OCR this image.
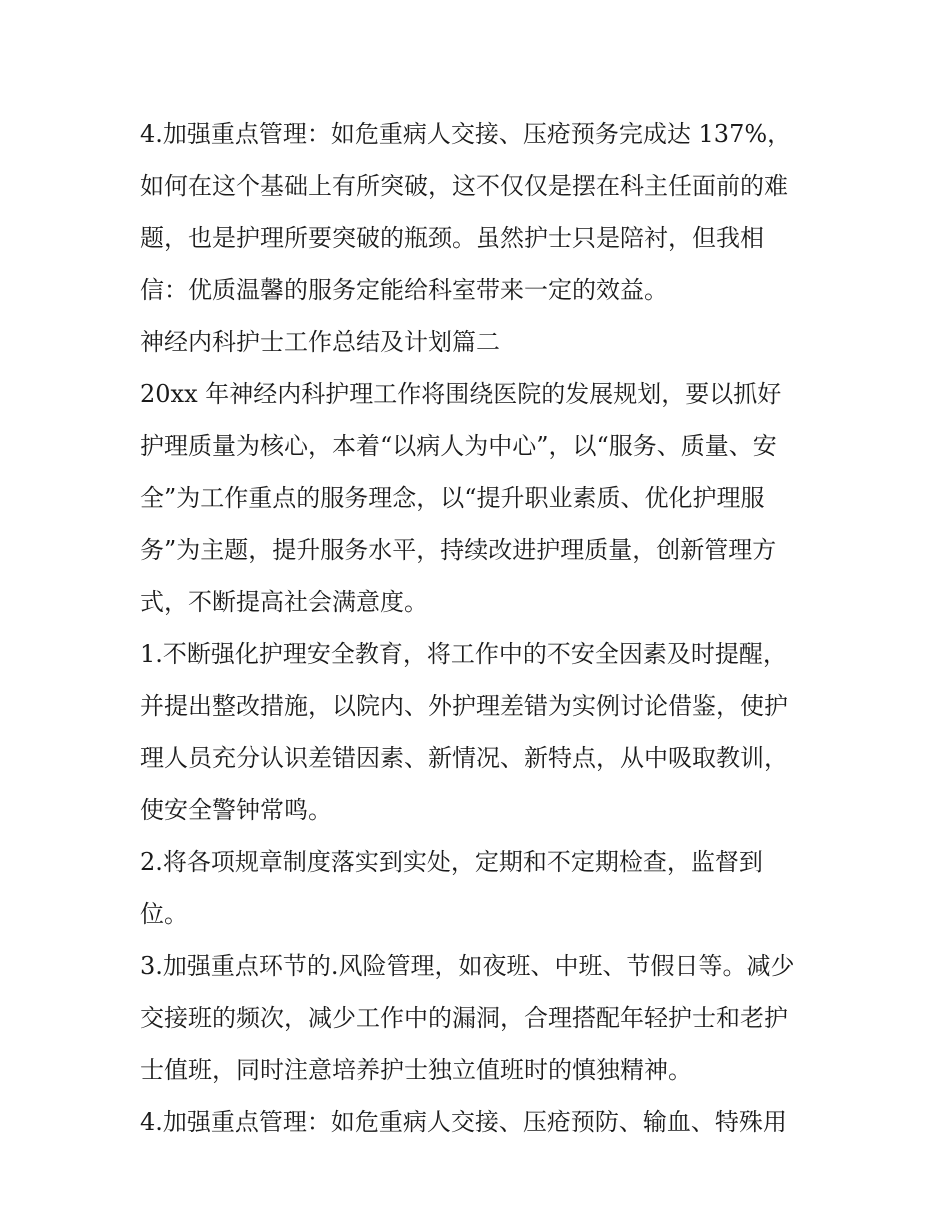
4.加强重点管理：如危重病人交接、压疮预务完成达 137%，
如何在这个基础上有所突破，这不仅仅是摆在科主任面前的难
题，也是护理所要突破的瓶颈。虽然护士只是陪衬，但我相
信：优质温馨的服务定能给科室带来一定的效益。
神经内科护士工作总结及计划篇二
20xx 年神经内科护理工作将围绕医院的发展规划，要以抓好
护理质量为核心，本着“以病人为中心”，以“服务、质量、安
全”为工作重点的服务理念，以“提升职业素质、优化护理服
务”为主题，提升服务水平，持续改进护理质量，创新管理方
式，不断提高社会满意度。
1.不断强化护理安全教育，将工作中的不安全因素及时提醒，
并提出整改措施，以院内、外护理差错为实例讨论借鉴，使护
理人员充分认识差错因素、新情况、新特点，从中吸取教训，
使安全警钟常鸣。
2.将各项规章制度落实到实处，定期和不定期检查，监督到
位。
3.加强重点环节的.风险管理，如夜班、中班、节假日等。减少
交接班的频次，减少工作中的漏洞，合理搭配年轻护士和老护
士值班，同时注意培养护士独立值班时的慎独精神。
4.加强重点管理：如危重病人交接、压疮预防、输血、特殊用
